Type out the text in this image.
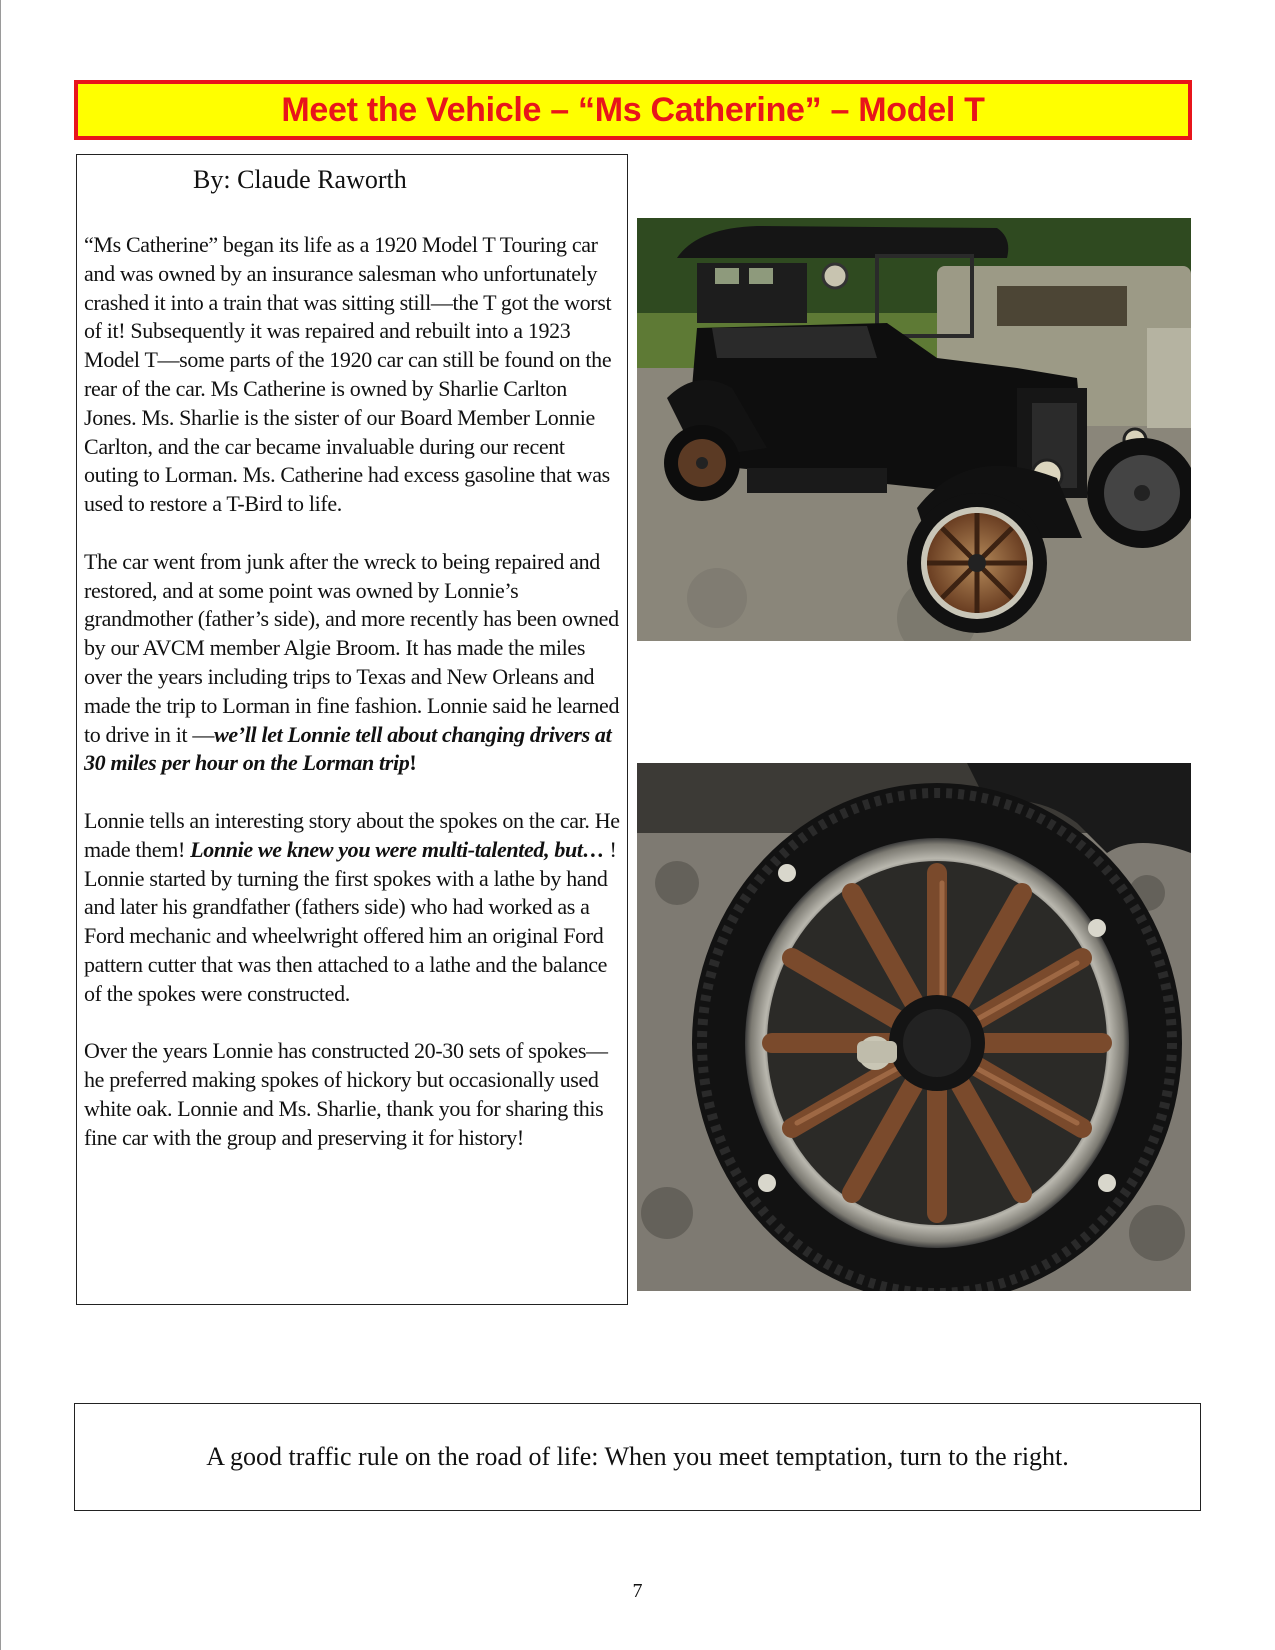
Meet the Vehicle – “Ms Catherine” – Model T
By: Claude Raworth

“Ms Catherine” began its life as a 1920 Model T Touring car and was owned by an insurance salesman who unfortunately crashed it into a train that was sitting still—the T got the worst of it! Subsequently it was repaired and rebuilt into a 1923 Model T—some parts of the 1920 car can still be found on the rear of the car. Ms Catherine is owned by Sharlie Carlton Jones. Ms. Sharlie is the sister of our Board Member Lonnie Carlton, and the car became invaluable during our recent outing to Lorman. Ms. Catherine had excess gasoline that was used to restore a T-Bird to life.

The car went from junk after the wreck to being repaired and restored, and at some point was owned by Lonnie’s grandmother (father’s side), and more recently has been owned by our AVCM member Algie Broom. It has made the miles over the years including trips to Texas and New Orleans and made the trip to Lorman in fine fashion. Lonnie said he learned to drive in it —we’ll let Lonnie tell about changing drivers at 30 miles per hour on the Lorman trip!

Lonnie tells an interesting story about the spokes on the car. He made them! Lonnie we knew you were multi-talented, but… ! Lonnie started by turning the first spokes with a lathe by hand and later his grandfather (fathers side) who had worked as a Ford mechanic and wheelwright offered him an original Ford pattern cutter that was then attached to a lathe and the balance of the spokes were constructed.

Over the years Lonnie has constructed 20-30 sets of spokes—he preferred making spokes of hickory but occasionally used white oak. Lonnie and Ms. Sharlie, thank you for sharing this fine car with the group and preserving it for history!

A good traffic rule on the road of life: When you meet temptation, turn to the right.
7
